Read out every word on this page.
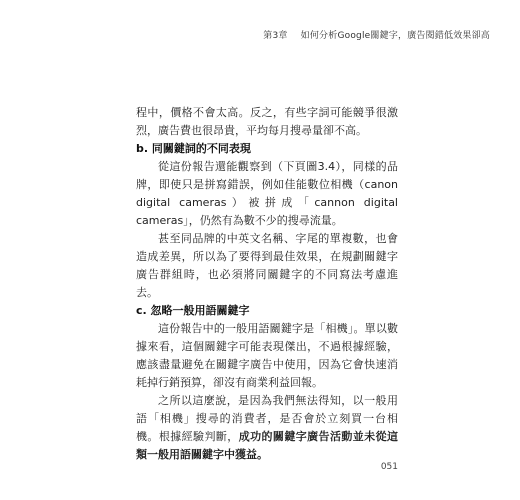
第3章 如何分析Google關鍵字，廣告閱錯低效果卻高

程中，價格不會太高。反之，有些字詞可能競爭很激烈，廣告費也很昂貴，平均每月搜尋量卻不高。

b. 同關鍵詞的不同表現

從這份報告還能觀察到（下頁圖3.4），同樣的品牌，即使只是拼寫錯誤，例如佳能數位相機（canon digital cameras）被拼成「cannon digital cameras」，仍然有為數不少的搜尋流量。

甚至同品牌的中英文名稱、字尾的單複數，也會造成差異，所以為了要得到最佳效果，在規劃關鍵字廣告群組時，也必須將同關鍵字的不同寫法考慮進去。

c. 忽略一般用語關鍵字

這份報告中的一般用語關鍵字是「相機」。單以數據來看，這個關鍵字可能表現傑出，不過根據經驗，應該盡量避免在關鍵字廣告中使用，因為它會快速消耗掉行銷預算，卻沒有商業利益回報。

之所以這麼說，是因為我們無法得知，以一般用語「相機」搜尋的消費者，是否會於立刻買一台相機。根據經驗判斷，成功的關鍵字廣告活動並未從這類一般用語關鍵字中獲益。

051
